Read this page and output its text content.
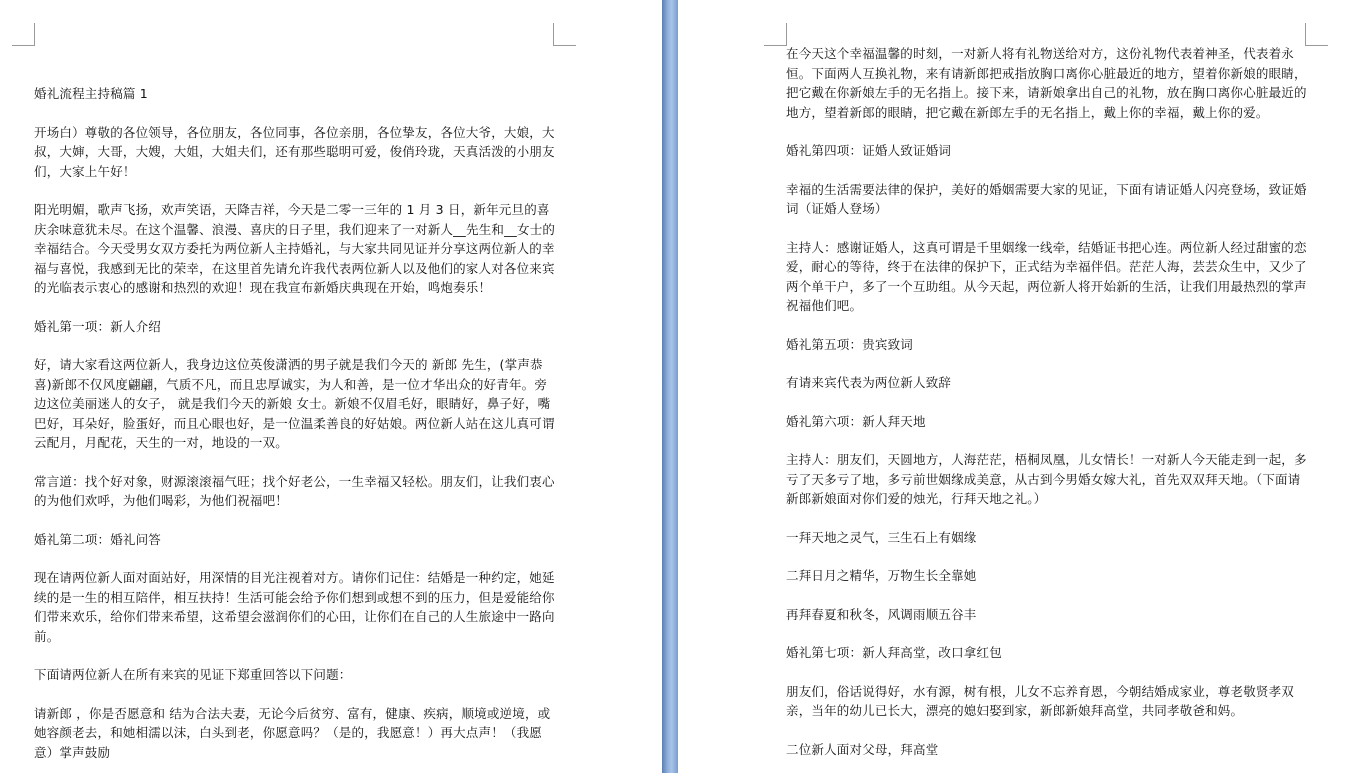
婚礼流程主持稿篇 1

开场白）尊敬的各位领导，各位朋友，各位同事，各位亲朋，各位挚友，各位大爷，大娘，大叔，大婶，大哥，大嫂，大姐，大姐夫们，还有那些聪明可爱，俊俏玲珑，天真活泼的小朋友们，大家上午好！

阳光明媚，歌声飞扬，欢声笑语，天降吉祥，今天是二零一三年的 1 月 3 日，新年元旦的喜庆余味意犹未尽。在这个温馨、浪漫、喜庆的日子里，我们迎来了一对新人__先生和__女士的幸福结合。今天受男女双方委托为两位新人主持婚礼，与大家共同见证并分享这两位新人的幸福与喜悦，我感到无比的荣幸，在这里首先请允许我代表两位新人以及他们的家人对各位来宾的光临表示衷心的感谢和热烈的欢迎！现在我宣布新婚庆典现在开始，鸣炮奏乐！

婚礼第一项：新人介绍

好，请大家看这两位新人，我身边这位英俊潇洒的男子就是我们今天的 新郎 先生，(掌声恭喜)新郎不仅风度翩翩，气质不凡，而且忠厚诚实，为人和善，是一位才华出众的好青年。旁边这位美丽迷人的女子， 就是我们今天的新娘 女士。新娘不仅眉毛好，眼睛好，鼻子好，嘴巴好，耳朵好，脸蛋好，而且心眼也好，是一位温柔善良的好姑娘。两位新人站在这儿真可谓云配月，月配花，天生的一对，地设的一双。

常言道：找个好对象，财源滚滚福气旺；找个好老公，一生幸福又轻松。朋友们，让我们衷心的为他们欢呼，为他们喝彩，为他们祝福吧！

婚礼第二项：婚礼问答

现在请两位新人面对面站好，用深情的目光注视着对方。请你们记住：结婚是一种约定，她延续的是一生的相互陪伴，相互扶持！生活可能会给予你们想到或想不到的压力，但是爱能给你们带来欢乐，给你们带来希望，这希望会滋润你们的心田，让你们在自己的人生旅途中一路向前。

下面请两位新人在所有来宾的见证下郑重回答以下问题：

请新郎 ，你是否愿意和 结为合法夫妻，无论今后贫穷、富有，健康、疾病，顺境或逆境，或她容颜老去，和她相濡以沫，白头到老，你愿意吗？（是的，我愿意！）再大点声！（我愿意）掌声鼓励

在今天这个幸福温馨的时刻，一对新人将有礼物送给对方，这份礼物代表着神圣，代表着永恒。下面两人互换礼物，来有请新郎把戒指放胸口离你心脏最近的地方，望着你新娘的眼睛，把它戴在你新娘左手的无名指上。接下来，请新娘拿出自己的礼物，放在胸口离你心脏最近的地方，望着新郎的眼睛，把它戴在新郎左手的无名指上，戴上你的幸福，戴上你的爱。

婚礼第四项：证婚人致证婚词

幸福的生活需要法律的保护，美好的婚姻需要大家的见证，下面有请证婚人闪亮登场，致证婚词（证婚人登场）

主持人：感谢证婚人，这真可谓是千里姻缘一线牵，结婚证书把心连。两位新人经过甜蜜的恋爱，耐心的等待，终于在法律的保护下，正式结为幸福伴侣。茫茫人海，芸芸众生中，又少了两个单干户，多了一个互助组。从今天起，两位新人将开始新的生活，让我们用最热烈的掌声祝福他们吧。

婚礼第五项：贵宾致词

有请来宾代表为两位新人致辞

婚礼第六项：新人拜天地

主持人：朋友们，天圆地方，人海茫茫，梧桐凤凰，儿女情长！一对新人今天能走到一起，多亏了天多亏了地，多亏前世姻缘成美意，从古到今男婚女嫁大礼，首先双双拜天地。（下面请新郎新娘面对你们爱的烛光，行拜天地之礼。）

一拜天地之灵气，三生石上有姻缘

二拜日月之精华，万物生长全靠她

再拜春夏和秋冬，风调雨顺五谷丰

婚礼第七项：新人拜高堂，改口拿红包

朋友们，俗话说得好，水有源，树有根，儿女不忘养育恩，今朝结婚成家业，尊老敬贤孝双亲，当年的幼儿已长大，漂亮的媳妇娶到家，新郎新娘拜高堂，共同孝敬爸和妈。

二位新人面对父母，拜高堂
